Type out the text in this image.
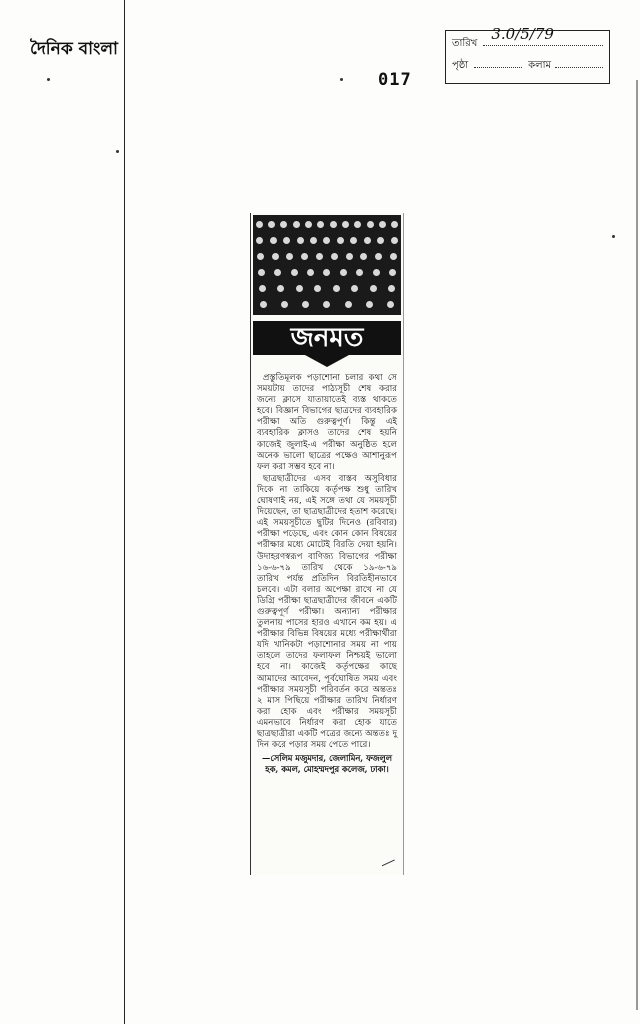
দৈনিক বাংলা
017
তারিখ
3.0/5/79
পৃষ্ঠা	কলাম
জনমত

প্রস্তুতিমূলক পড়াশোনা চলার কথা সে সময়টায় তাদের পাঠ্যসূচী শেষ করার জন্যে ক্লাসে যাতায়াতেই ব্যস্ত থাকতে হবে। বিজ্ঞান বিভাগের ছাত্রদের ব্যবহারিক পরীক্ষা অতি গুরুত্বপূর্ণ। কিন্তু এই ব্যবহারিক ক্লাসও তাদের শেষ হয়নি কাজেই জুলাই-এ পরীক্ষা অনুষ্ঠিত হলে অনেক ভালো ছাত্রের পক্ষেও আশানুরূপ ফল করা সম্ভব হবে না।

ছাত্রছাত্রীদের এসব বাস্তব অসুবিধার দিকে না তাকিয়ে কর্তৃপক্ষ শুধু তারিখ ঘোষণাই নয়, এই সঙ্গে তথা যে সময়সূচী দিয়েছেন, তা ছাত্রছাত্রীদের হতাশ করেছে। এই সময়সূচীতে ছুটির দিনেও (রবিবার) পরীক্ষা পড়েছে, এবং কোন কোন বিষয়ের পরীক্ষার মধ্যে মোটেই বিরতি দেয়া হয়নি। উদাহরণস্বরূপ বাণিজ্য বিভাগের পরীক্ষা ১৬-৬-৭৯ তারিখ থেকে ১৯-৬-৭৯ তারিখ পর্যন্ত প্রতিদিন বিরতিহীনভাবে চলবে। এটা বলার অপেক্ষা রাখে না যে ডিগ্রি পরীক্ষা ছাত্রছাত্রীদের জীবনে একটি গুরুত্বপূর্ণ পরীক্ষা। অন্যান্য পরীক্ষার তুলনায় পাসের হারও এখানে কম হয়। এ পরীক্ষার বিভিন্ন বিষয়ের মধ্যে পরীক্ষার্থীরা যদি খানিকটা পড়াশোনার সময় না পায় তাহলে তাদের ফলাফল নিশ্চয়ই ভালো হবে না। কাজেই কর্তৃপক্ষের কাছে আমাদের আবেদন, পূর্বঘোষিত সময় এবং পরীক্ষার সময়সূচী পরিবর্তন করে অন্ততঃ ২ মাস পিছিয়ে পরীক্ষার তারিখ নির্ধারণ করা হোক এবং পরীক্ষার সময়সূচী এমনভাবে নির্ধারণ করা হোক যাতে ছাত্রছাত্রীরা একটি পত্রের জন্যে অন্ততঃ দু দিন করে পড়ার সময় পেতে পারে।

—সেলিম মজুমদার, জেলামিন, ফজলুল হক, কমল, মোহম্মদপুর কলেজ, ঢাকা।
